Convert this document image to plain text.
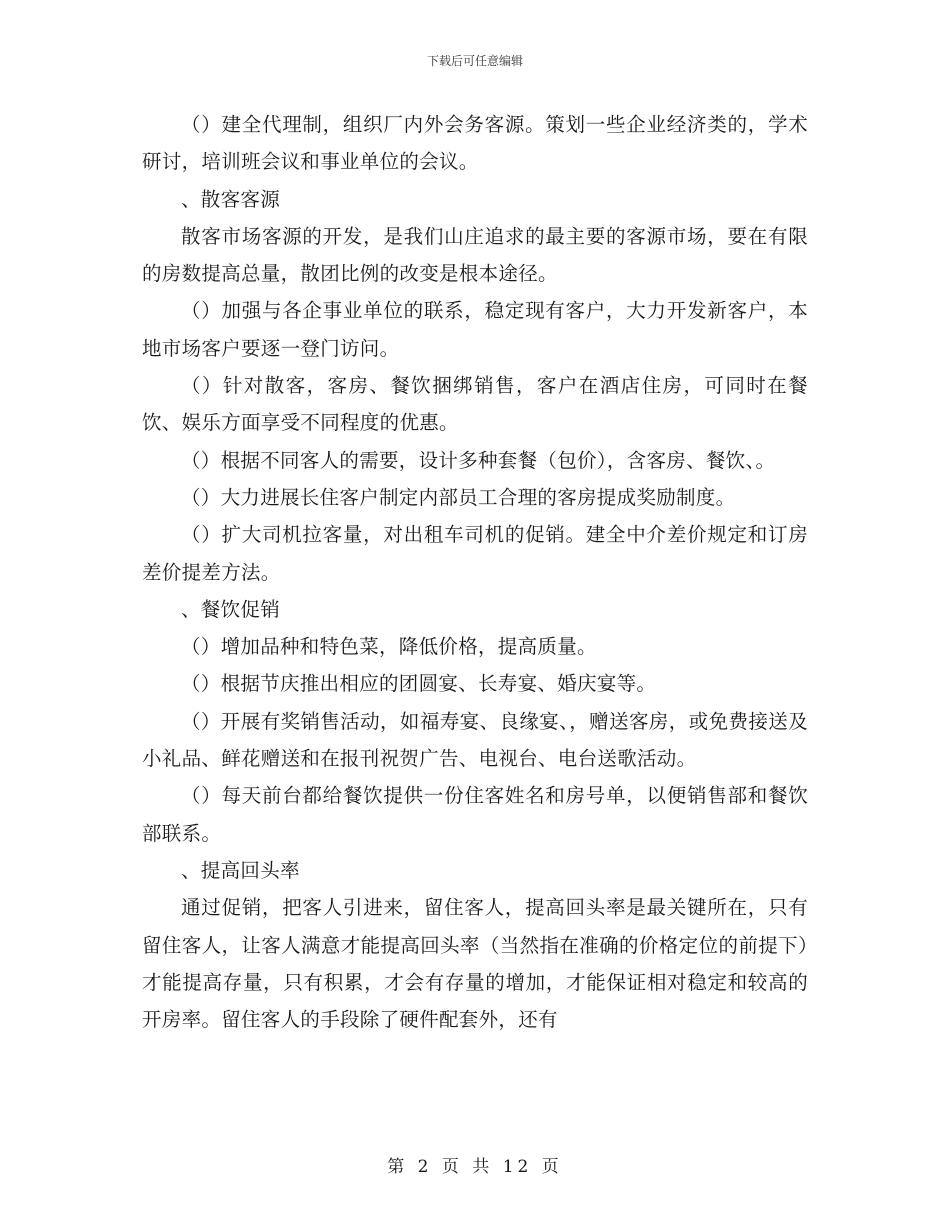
下载后可任意编辑

（）建全代理制，组织厂内外会务客源。策划一些企业经济类的，学术研讨，培训班会议和事业单位的会议。

、散客客源

散客市场客源的开发，是我们山庄追求的最主要的客源市场，要在有限的房数提高总量，散团比例的改变是根本途径。

（）加强与各企事业单位的联系，稳定现有客户，大力开发新客户，本地市场客户要逐一登门访问。

（）针对散客，客房、餐饮捆绑销售，客户在酒店住房，可同时在餐饮、娱乐方面享受不同程度的优惠。

（）根据不同客人的需要，设计多种套餐（包价），含客房、餐饮、。

（）大力进展长住客户制定内部员工合理的客房提成奖励制度。

（）扩大司机拉客量，对出租车司机的促销。建全中介差价规定和订房差价提差方法。

、餐饮促销

（）增加品种和特色菜，降低价格，提高质量。

（）根据节庆推出相应的团圆宴、长寿宴、婚庆宴等。

（）开展有奖销售活动，如福寿宴、良缘宴、，赠送客房，或免费接送及小礼品、鲜花赠送和在报刊祝贺广告、电视台、电台送歌活动。

（）每天前台都给餐饮提供一份住客姓名和房号单，以便销售部和餐饮部联系。

、提高回头率

通过促销，把客人引进来，留住客人，提高回头率是最关键所在，只有留住客人，让客人满意才能提高回头率（当然指在准确的价格定位的前提下）才能提高存量，只有积累，才会有存量的增加，才能保证相对稳定和较高的开房率。留住客人的手段除了硬件配套外，还有

第 2 页 共 12 页
